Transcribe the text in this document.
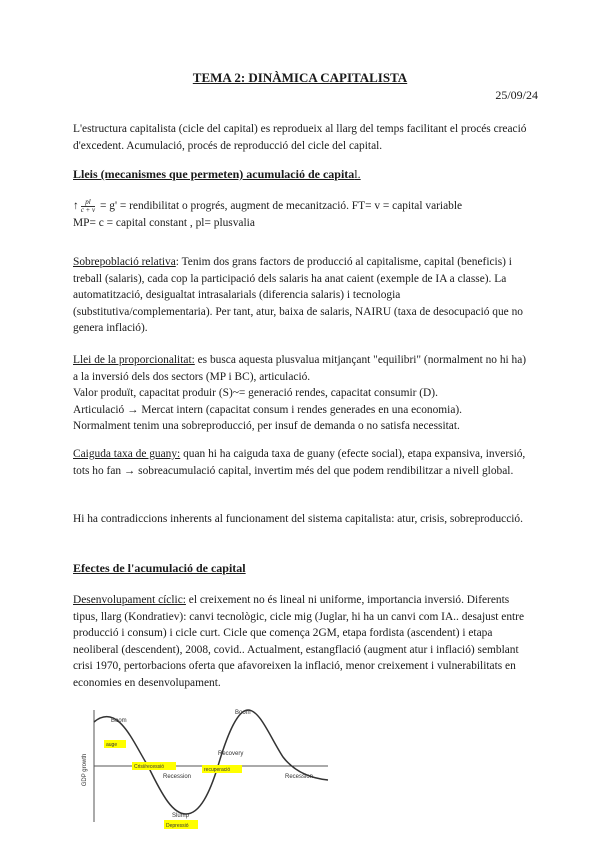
TEMA 2: DINÀMICA CAPITALISTA
25/09/24
L'estructura capitalista (cicle del capital) es reprodueix al llarg del temps facilitant el procés creació d'excedent. Acumulació, procés de reproducció del cicle del capital.
Lleis (mecanismes que permeten) acumulació de capital.
↑ $\frac{pl}{c + v} = g'$ = rendibilitat o progrés, augment de mecanització. FT= v = capital variable
MP= c = capital constant , pl= plusvalia
Sobrepoblació relativa: Tenim dos grans factors de producció al capitalisme, capital (beneficis) i treball (salaris), cada cop la participació dels salaris ha anat caient (exemple de IA a classe). La automatització, desigualtat intrasalarials (diferencia salaris) i tecnologia (substitutiva/complementaria). Per tant, atur, baixa de salaris, NAIRU (taxa de desocupació que no genera inflació).
Llei de la proporcionalitat: es busca aquesta plusvalua mitjançant "equilibri" (normalment no hi ha) a la inversió dels dos sectors (MP i BC), articulació.
Valor produït, capacitat produir (S)~= generació rendes, capacitat consumir (D).
Articulació → Mercat intern (capacitat consum i rendes generades en una economia).
Normalment tenim una sobreproducció, per insuf de demanda o no satisfa necessitat.
Caiguda taxa de guany: quan hi ha caiguda taxa de guany (efecte social), etapa expansiva, inversió, tots ho fan → sobreacumulació capital, invertim més del que podem rendibilitzar a nivell global.
Hi ha contradiccions inherents al funcionament del sistema capitalista: atur, crisis, sobreproducció.
Efectes de l'acumulació de capital
Desenvolupament cíclic: el creixement no és lineal ni uniforme, importancia inversió. Diferents tipus, llarg (Kondratiev): canvi tecnològic, cicle mig (Juglar, hi ha un canvi com IA.. desajust entre producció i consum) i cicle curt. Cicle que comença 2GM, etapa fordista (ascendent) i etapa neoliberal (descendent), 2008, covid.. Actualment, estangflació (augment atur i inflació) semblant crisi 1970, pertorbacions oferta que afavoreixen la inflació, menor creixement i vulnerabilitats en economies en desenvolupament.
GDP growth
Boom
Boom
Recession	Recession
Recovery
Slump
auge
Crisi/recessió	recuperació
Depressió
